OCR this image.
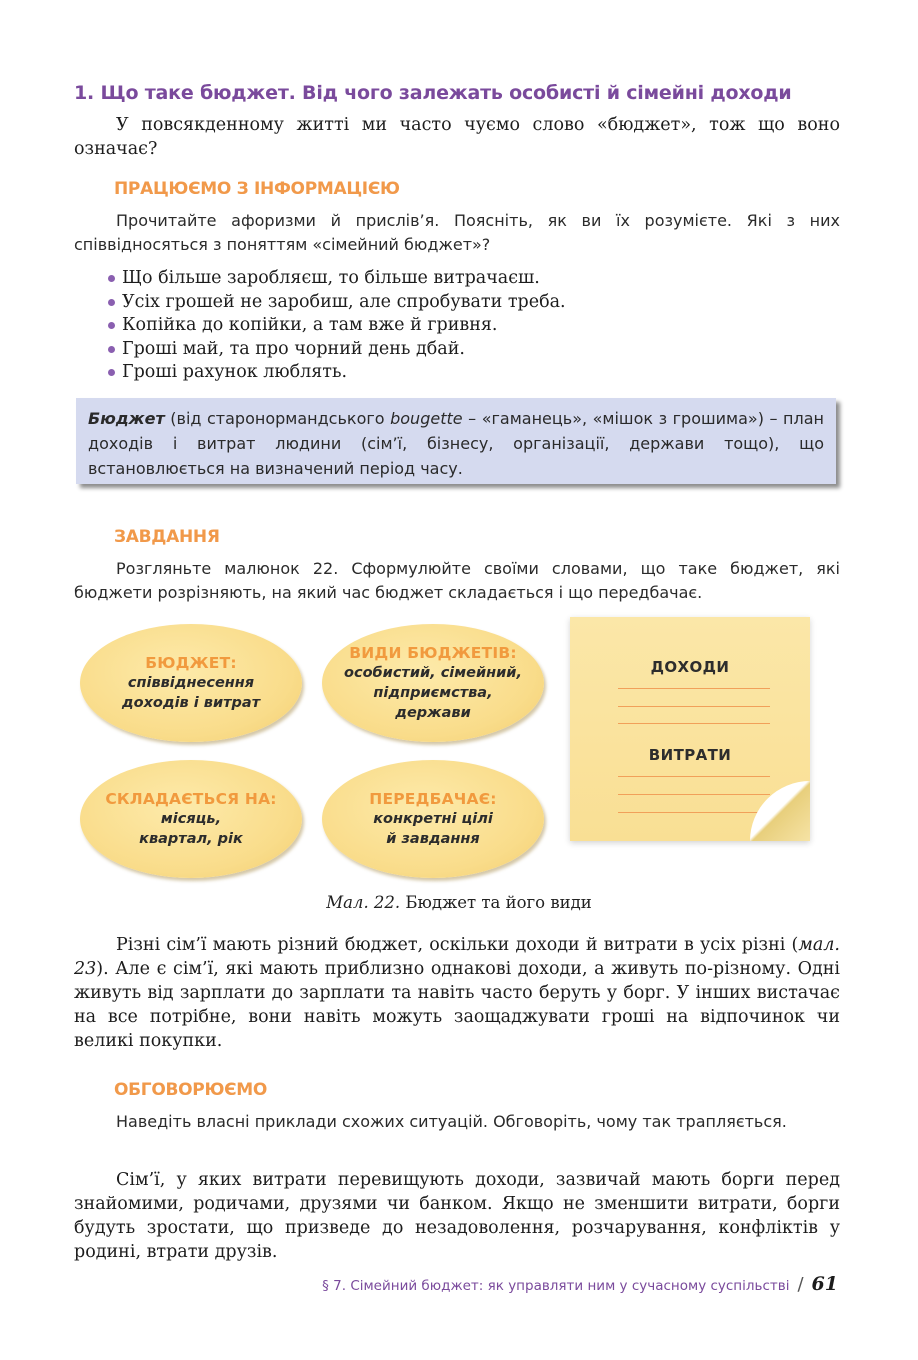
1. Що таке бюджет. Від чого залежать особисті й сімейні доходи

У повсякденному житті ми часто чуємо слово «бюджет», тож що воно означає?

ПРАЦЮЄМО З ІНФОРМАЦІЄЮ

Прочитайте афоризми й прислів’я. Поясніть, як ви їх розумієте. Які з них співвідносяться з поняттям «сімейний бюджет»?

Що більше заробляєш, то більше витрачаєш.
Усіх грошей не заробиш, але спробувати треба.
Копійка до копійки, а там вже й гривня.
Гроші май, та про чорний день дбай.
Гроші рахунок люблять.

Бюджет (від старонормандського bougette – «гаманець», «мішок з грошима») – план доходів і витрат людини (сім’ї, бізнесу, організації, держави тощо), що встановлюється на визначений період часу.

ЗАВДАННЯ

Розгляньте малюнок 22. Сформулюйте своїми словами, що таке бюджет, які бюджети розрізняють, на який час бюджет складається і що передбачає.

БЮДЖЕТ:
співвіднесення
доходів і витрат
ВИДИ БЮДЖЕТІВ:
особистий, сімейний,
підприємства,
держави
СКЛАДАЄТЬСЯ НА:
місяць,
квартал, рік
ПЕРЕДБАЧАЄ:
конкретні цілі
й завдання
ДОХОДИ
ВИТРАТИ
Мал. 22. Бюджет та його види

Різні сім’ї мають різний бюджет, оскільки доходи й витрати в усіх різні (мал. 23). Але є сім’ї, які мають приблизно однакові доходи, а живуть по-різному. Одні живуть від зарплати до зарплати та навіть часто беруть у борг. У інших вистачає на все потрібне, вони навіть можуть заощаджувати гроші на відпочинок чи великі покупки.

ОБГОВОРЮЄМО

Наведіть власні приклади схожих ситуацій. Обговоріть, чому так трапляється.

Сім’ї, у яких витрати перевищують доходи, зазвичай мають борги перед знайомими, родичами, друзями чи банком. Якщо не зменшити витрати, борги будуть зростати, що призведе до незадоволення, розчарування, конфліктів у родині, втрати друзів.

§ 7. Сімейний бюджет: як управляти ним у сучасному суспільстві / 61
